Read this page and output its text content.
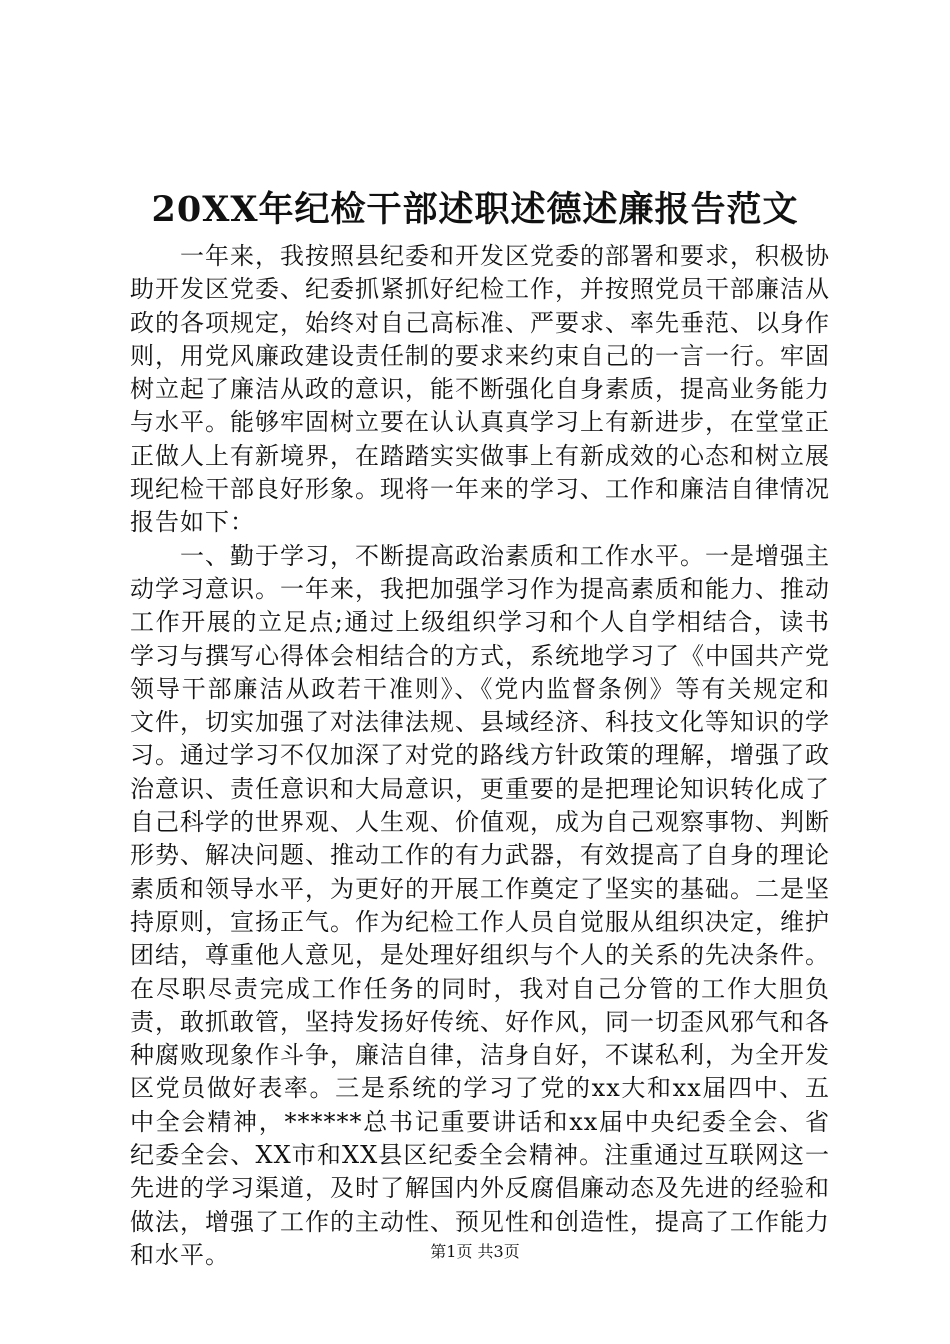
20XX年纪检干部述职述德述廉报告范文

一年来，我按照县纪委和开发区党委的部署和要求，积极协助开发区党委、纪委抓紧抓好纪检工作，并按照党员干部廉洁从政的各项规定，始终对自己高标准、严要求、率先垂范、以身作则，用党风廉政建设责任制的要求来约束自己的一言一行。牢固树立起了廉洁从政的意识，能不断强化自身素质，提高业务能力与水平。能够牢固树立要在认认真真学习上有新进步，在堂堂正正做人上有新境界，在踏踏实实做事上有新成效的心态和树立展现纪检干部良好形象。现将一年来的学习、工作和廉洁自律情况报告如下：

一、勤于学习，不断提高政治素质和工作水平。一是增强主动学习意识。一年来，我把加强学习作为提高素质和能力、推动工作开展的立足点;通过上级组织学习和个人自学相结合，读书学习与撰写心得体会相结合的方式，系统地学习了《中国共产党领导干部廉洁从政若干准则》、《党内监督条例》等有关规定和文件，切实加强了对法律法规、县域经济、科技文化等知识的学习。通过学习不仅加深了对党的路线方针政策的理解，增强了政治意识、责任意识和大局意识，更重要的是把理论知识转化成了自己科学的世界观、人生观、价值观，成为自己观察事物、判断形势、解决问题、推动工作的有力武器，有效提高了自身的理论素质和领导水平，为更好的开展工作奠定了坚实的基础。二是坚持原则，宣扬正气。作为纪检工作人员自觉服从组织决定，维护团结，尊重他人意见，是处理好组织与个人的关系的先决条件。在尽职尽责完成工作任务的同时，我对自己分管的工作大胆负责，敢抓敢管，坚持发扬好传统、好作风，同一切歪风邪气和各种腐败现象作斗争，廉洁自律，洁身自好，不谋私利，为全开发区党员做好表率。三是系统的学习了党的xx大和xx届四中、五中全会精神，******总书记重要讲话和xx届中央纪委全会、省纪委全会、XX市和XX县区纪委全会精神。注重通过互联网这一先进的学习渠道，及时了解国内外反腐倡廉动态及先进的经验和做法，增强了工作的主动性、预见性和创造性，提高了工作能力和水平。	第1页 共3页
